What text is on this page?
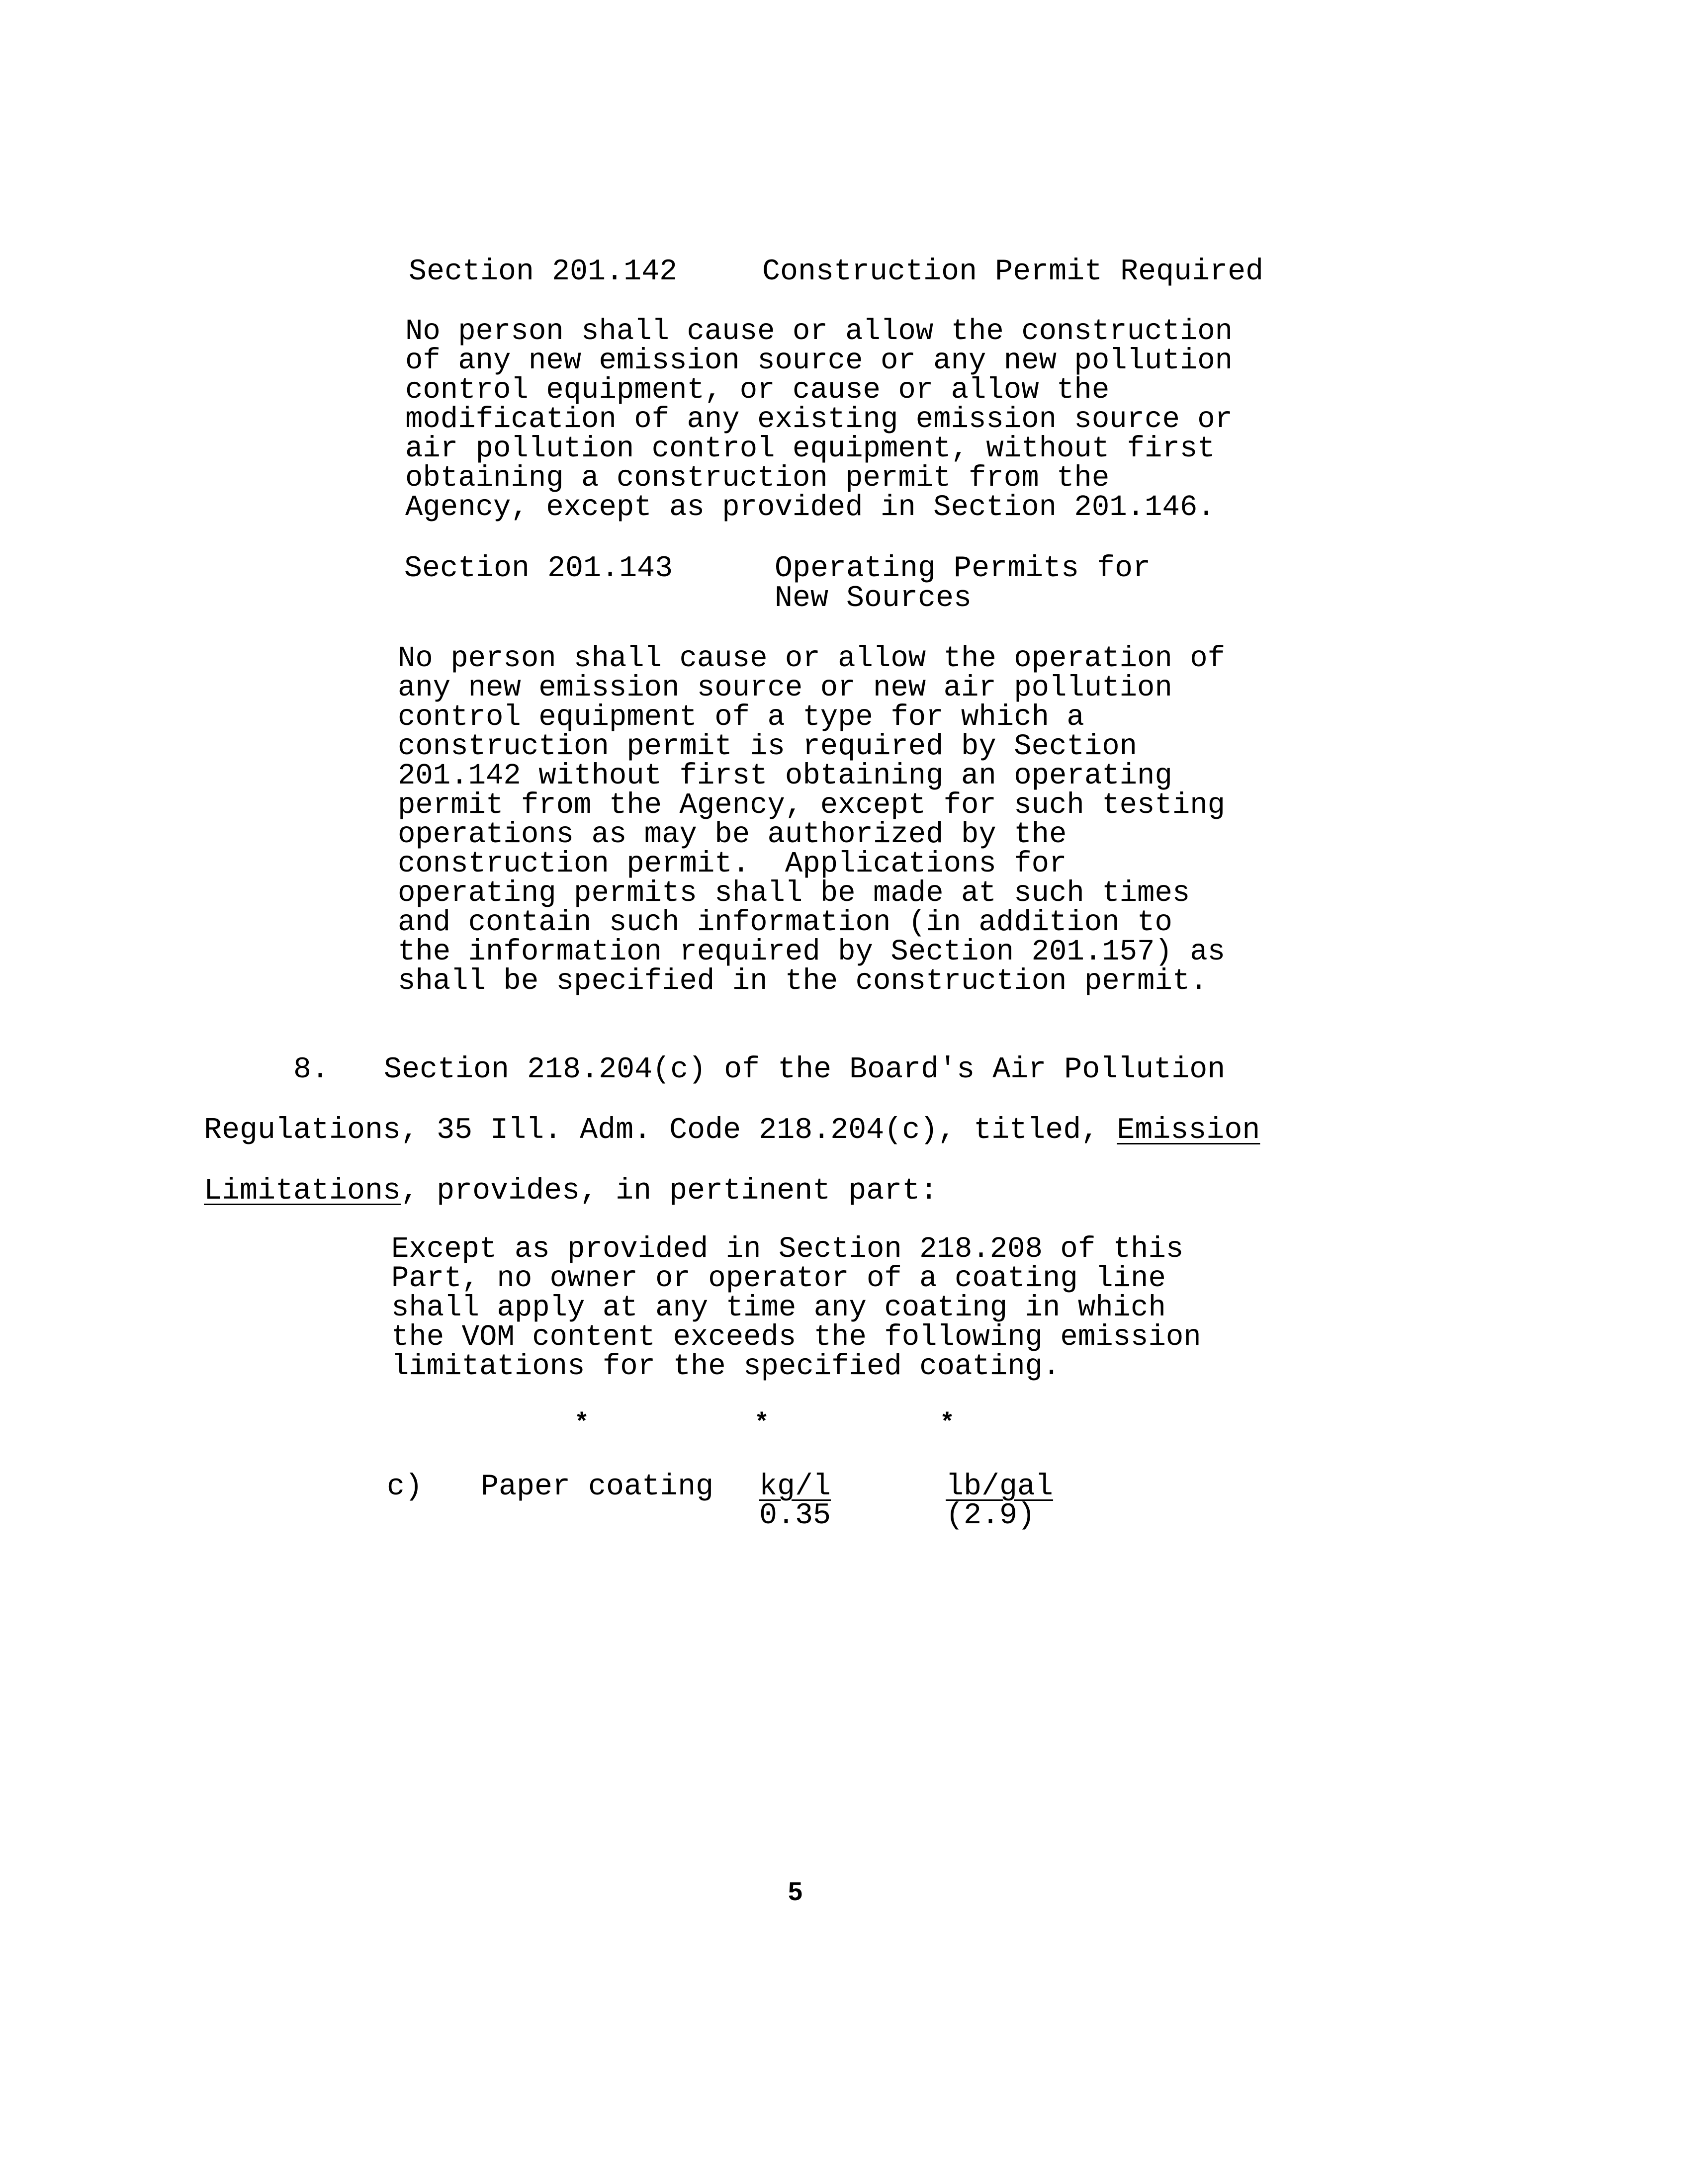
Section 201.142	Construction Permit Required
No person shall cause or allow the construction
of any new emission source or any new pollution
control equipment, or cause or allow the
modification of any existing emission source or
air pollution control equipment, without first
obtaining a construction permit from the
Agency, except as provided in Section 201.146.
Section 201.143	Operating Permits for
New Sources
No person shall cause or allow the operation of
any new emission source or new air pollution
control equipment of a type for which a
construction permit is required by Section
201.142 without first obtaining an operating
permit from the Agency, except for such testing
operations as may be authorized by the
construction permit.  Applications for
operating permits shall be made at such times
and contain such information (in addition to
the information required by Section 201.157) as
shall be specified in the construction permit.
8. Section 218.204(c) of the Board's Air Pollution
Regulations, 35 Ill. Adm. Code 218.204(c), titled, Emission
Limitations, provides, in pertinent part:
Except as provided in Section 218.208 of this
Part, no owner or operator of a coating line
shall apply at any time any coating in which
the VOM content exceeds the following emission
limitations for the specified coating.
*	*	*
c) Paper coating kg/l	lb/gal
0.35	(2.9)
5
